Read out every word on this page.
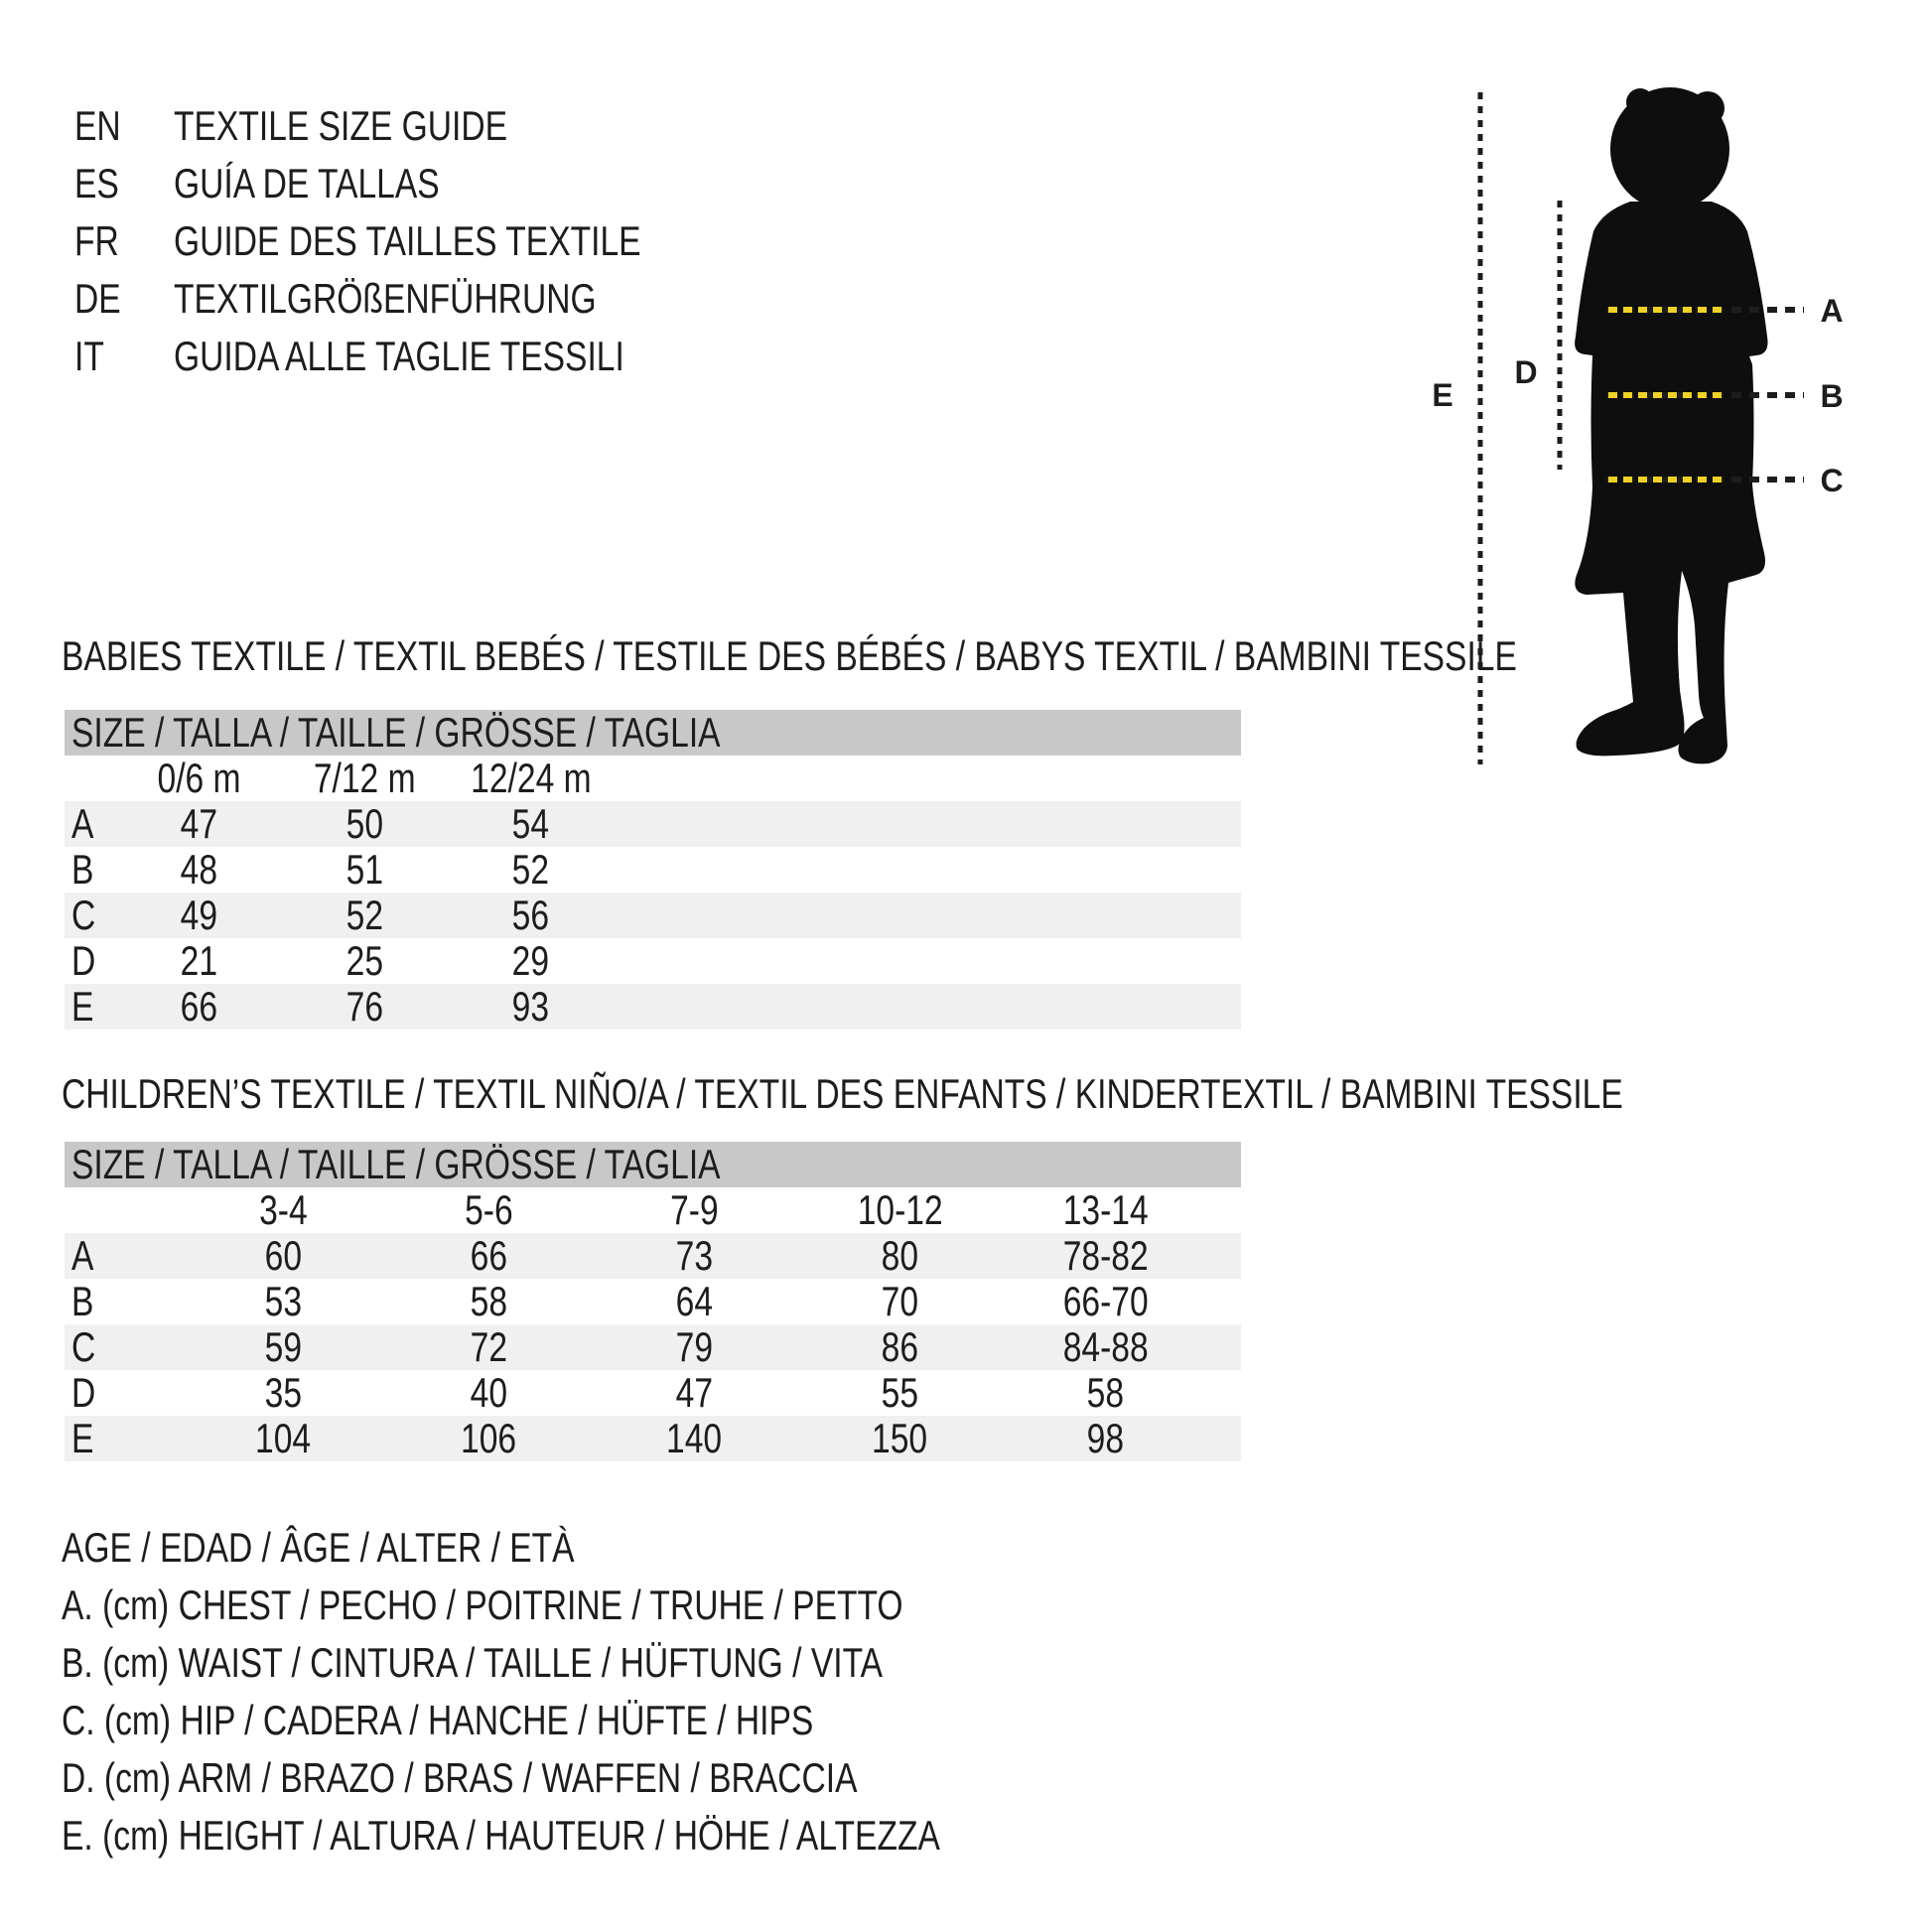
EN	TEXTILE SIZE GUIDE
ES	GUÍA DE TALLAS
FR	GUIDE DES TAILLES TEXTILE
DE	TEXTILGRÖßENFÜHRUNG
IT	GUIDA ALLE TAGLIE TESSILI
BABIES TEXTILE / TEXTIL BEBÉS / TESTILE DES BÉBÉS / BABYS TEXTIL / BAMBINI TESSILE
SIZE / TALLA / TAILLE / GRÖSSE / TAGLIA
0/6 m	7/12 m	12/24 m
A	47	50	54
B	48	51	52
C	49	52	56
D	21	25	29
E	66	76	93
CHILDREN’S TEXTILE / TEXTIL NIÑO/A / TEXTIL DES ENFANTS / KINDERTEXTIL / BAMBINI TESSILE
SIZE / TALLA / TAILLE / GRÖSSE / TAGLIA
3-4	5-6	7-9	10-12	13-14
A	60	66	73	80	78-82
B	53	58	64	70	66-70
C	59	72	79	86	84-88
D	35	40	47	55	58
E	104	106	140	150	98
AGE / EDAD / ÂGE / ALTER / ETÀ
A. (cm) CHEST / PECHO / POITRINE / TRUHE / PETTO
B. (cm) WAIST / CINTURA / TAILLE / HÜFTUNG / VITA
C. (cm) HIP / CADERA / HANCHE / HÜFTE / HIPS
D. (cm) ARM / BRAZO / BRAS / WAFFEN / BRACCIA
E. (cm) HEIGHT / ALTURA / HAUTEUR / HÖHE / ALTEZZA
A
B
C
D
E
